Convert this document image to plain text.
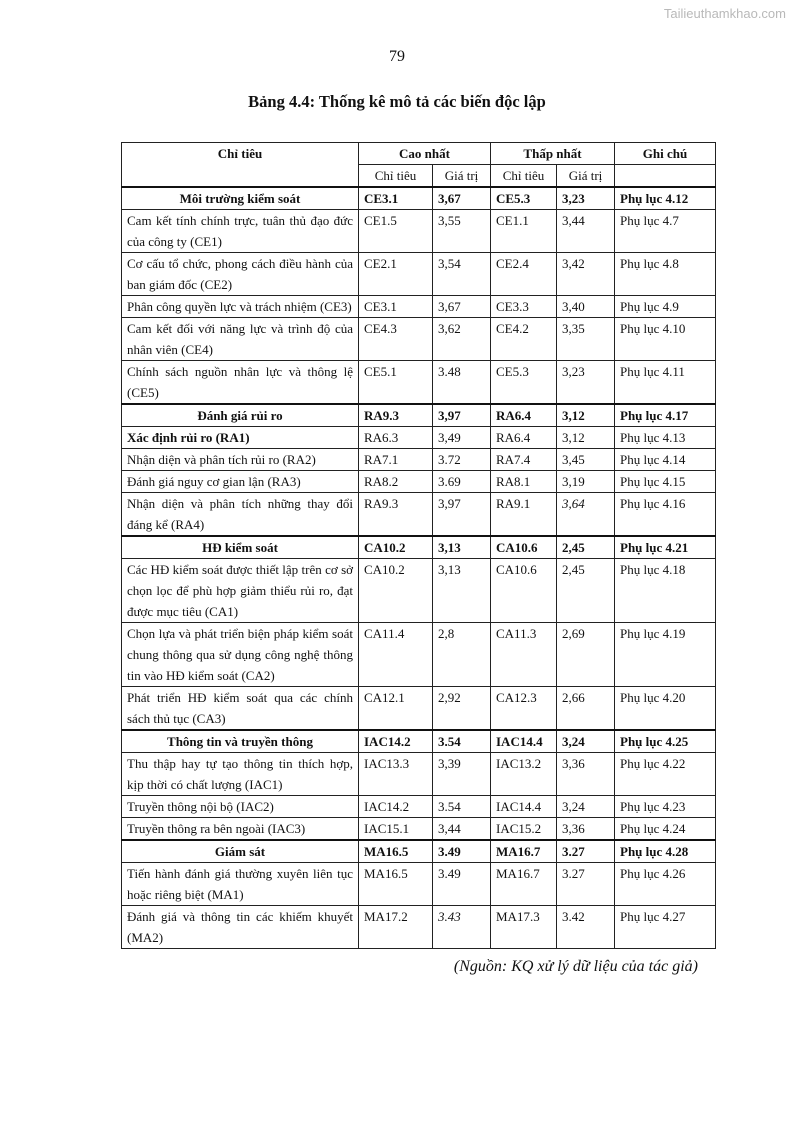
Tailieuthamkhao.com
79
Bảng 4.4: Thống kê mô tả các biến độc lập
Chỉ tiêu	Cao nhất		Thấp nhất		Ghi chú
	Chỉ tiêu	Giá trị	Chỉ tiêu	Giá trị	
Môi trường kiểm soát	CE3.1	3,67	CE5.3	3,23	Phụ lục 4.12
Cam kết tính chính trực, tuân thủ đạo đức của công ty (CE1)	CE1.5	3,55	CE1.1	3,44	Phụ lục 4.7
Cơ cấu tổ chức, phong cách điều hành của ban giám đốc (CE2)	CE2.1	3,54	CE2.4	3,42	Phụ lục 4.8
Phân công quyền lực và trách nhiệm (CE3)	CE3.1	3,67	CE3.3	3,40	Phụ lục 4.9
Cam kết đối với năng lực và trình độ của nhân viên (CE4)	CE4.3	3,62	CE4.2	3,35	Phụ lục 4.10
Chính sách nguồn nhân lực và thông lệ (CE5)	CE5.1	3.48	CE5.3	3,23	Phụ lục 4.11
Đánh giá rủi ro	RA9.3	3,97	RA6.4	3,12	Phụ lục 4.17
Xác định rủi ro (RA1)	RA6.3	3,49	RA6.4	3,12	Phụ lục 4.13
Nhận diện và phân tích rủi ro (RA2)	RA7.1	3.72	RA7.4	3,45	Phụ lục 4.14
Đánh giá nguy cơ gian lận (RA3)	RA8.2	3.69	RA8.1	3,19	Phụ lục 4.15
Nhận diện và phân tích những thay đổi đáng kể (RA4)	RA9.3	3,97	RA9.1	3,64	Phụ lục 4.16
HĐ kiểm soát	CA10.2	3,13	CA10.6	2,45	Phụ lục 4.21
Các HĐ kiểm soát được thiết lập trên cơ sở chọn lọc để phù hợp giảm thiểu rủi ro, đạt được mục tiêu (CA1)	CA10.2	3,13	CA10.6	2,45	Phụ lục 4.18
Chọn lựa và phát triển biện pháp kiểm soát chung thông qua sử dụng công nghệ thông tin vào HĐ kiểm soát (CA2)	CA11.4	2,8	CA11.3	2,69	Phụ lục 4.19
Phát triển HĐ kiểm soát qua các chính sách thủ tục (CA3)	CA12.1	2,92	CA12.3	2,66	Phụ lục 4.20
Thông tin và truyền thông	IAC14.2	3.54	IAC14.4	3,24	Phụ lục 4.25
Thu thập hay tự tạo thông tin thích hợp, kịp thời có chất lượng (IAC1)	IAC13.3	3,39	IAC13.2	3,36	Phụ lục 4.22
Truyền thông nội bộ (IAC2)	IAC14.2	3.54	IAC14.4	3,24	Phụ lục 4.23
Truyền thông ra bên ngoài (IAC3)	IAC15.1	3,44	IAC15.2	3,36	Phụ lục 4.24
Giám sát	MA16.5	3.49	MA16.7	3.27	Phụ lục 4.28
Tiến hành đánh giá thường xuyên liên tục hoặc riêng biệt (MA1)	MA16.5	3.49	MA16.7	3.27	Phụ lục 4.26
Đánh giá và thông tin các khiếm khuyết (MA2)	MA17.2	3.43	MA17.3	3.42	Phụ lục 4.27
(Nguồn: KQ xử lý dữ liệu của tác giả)
